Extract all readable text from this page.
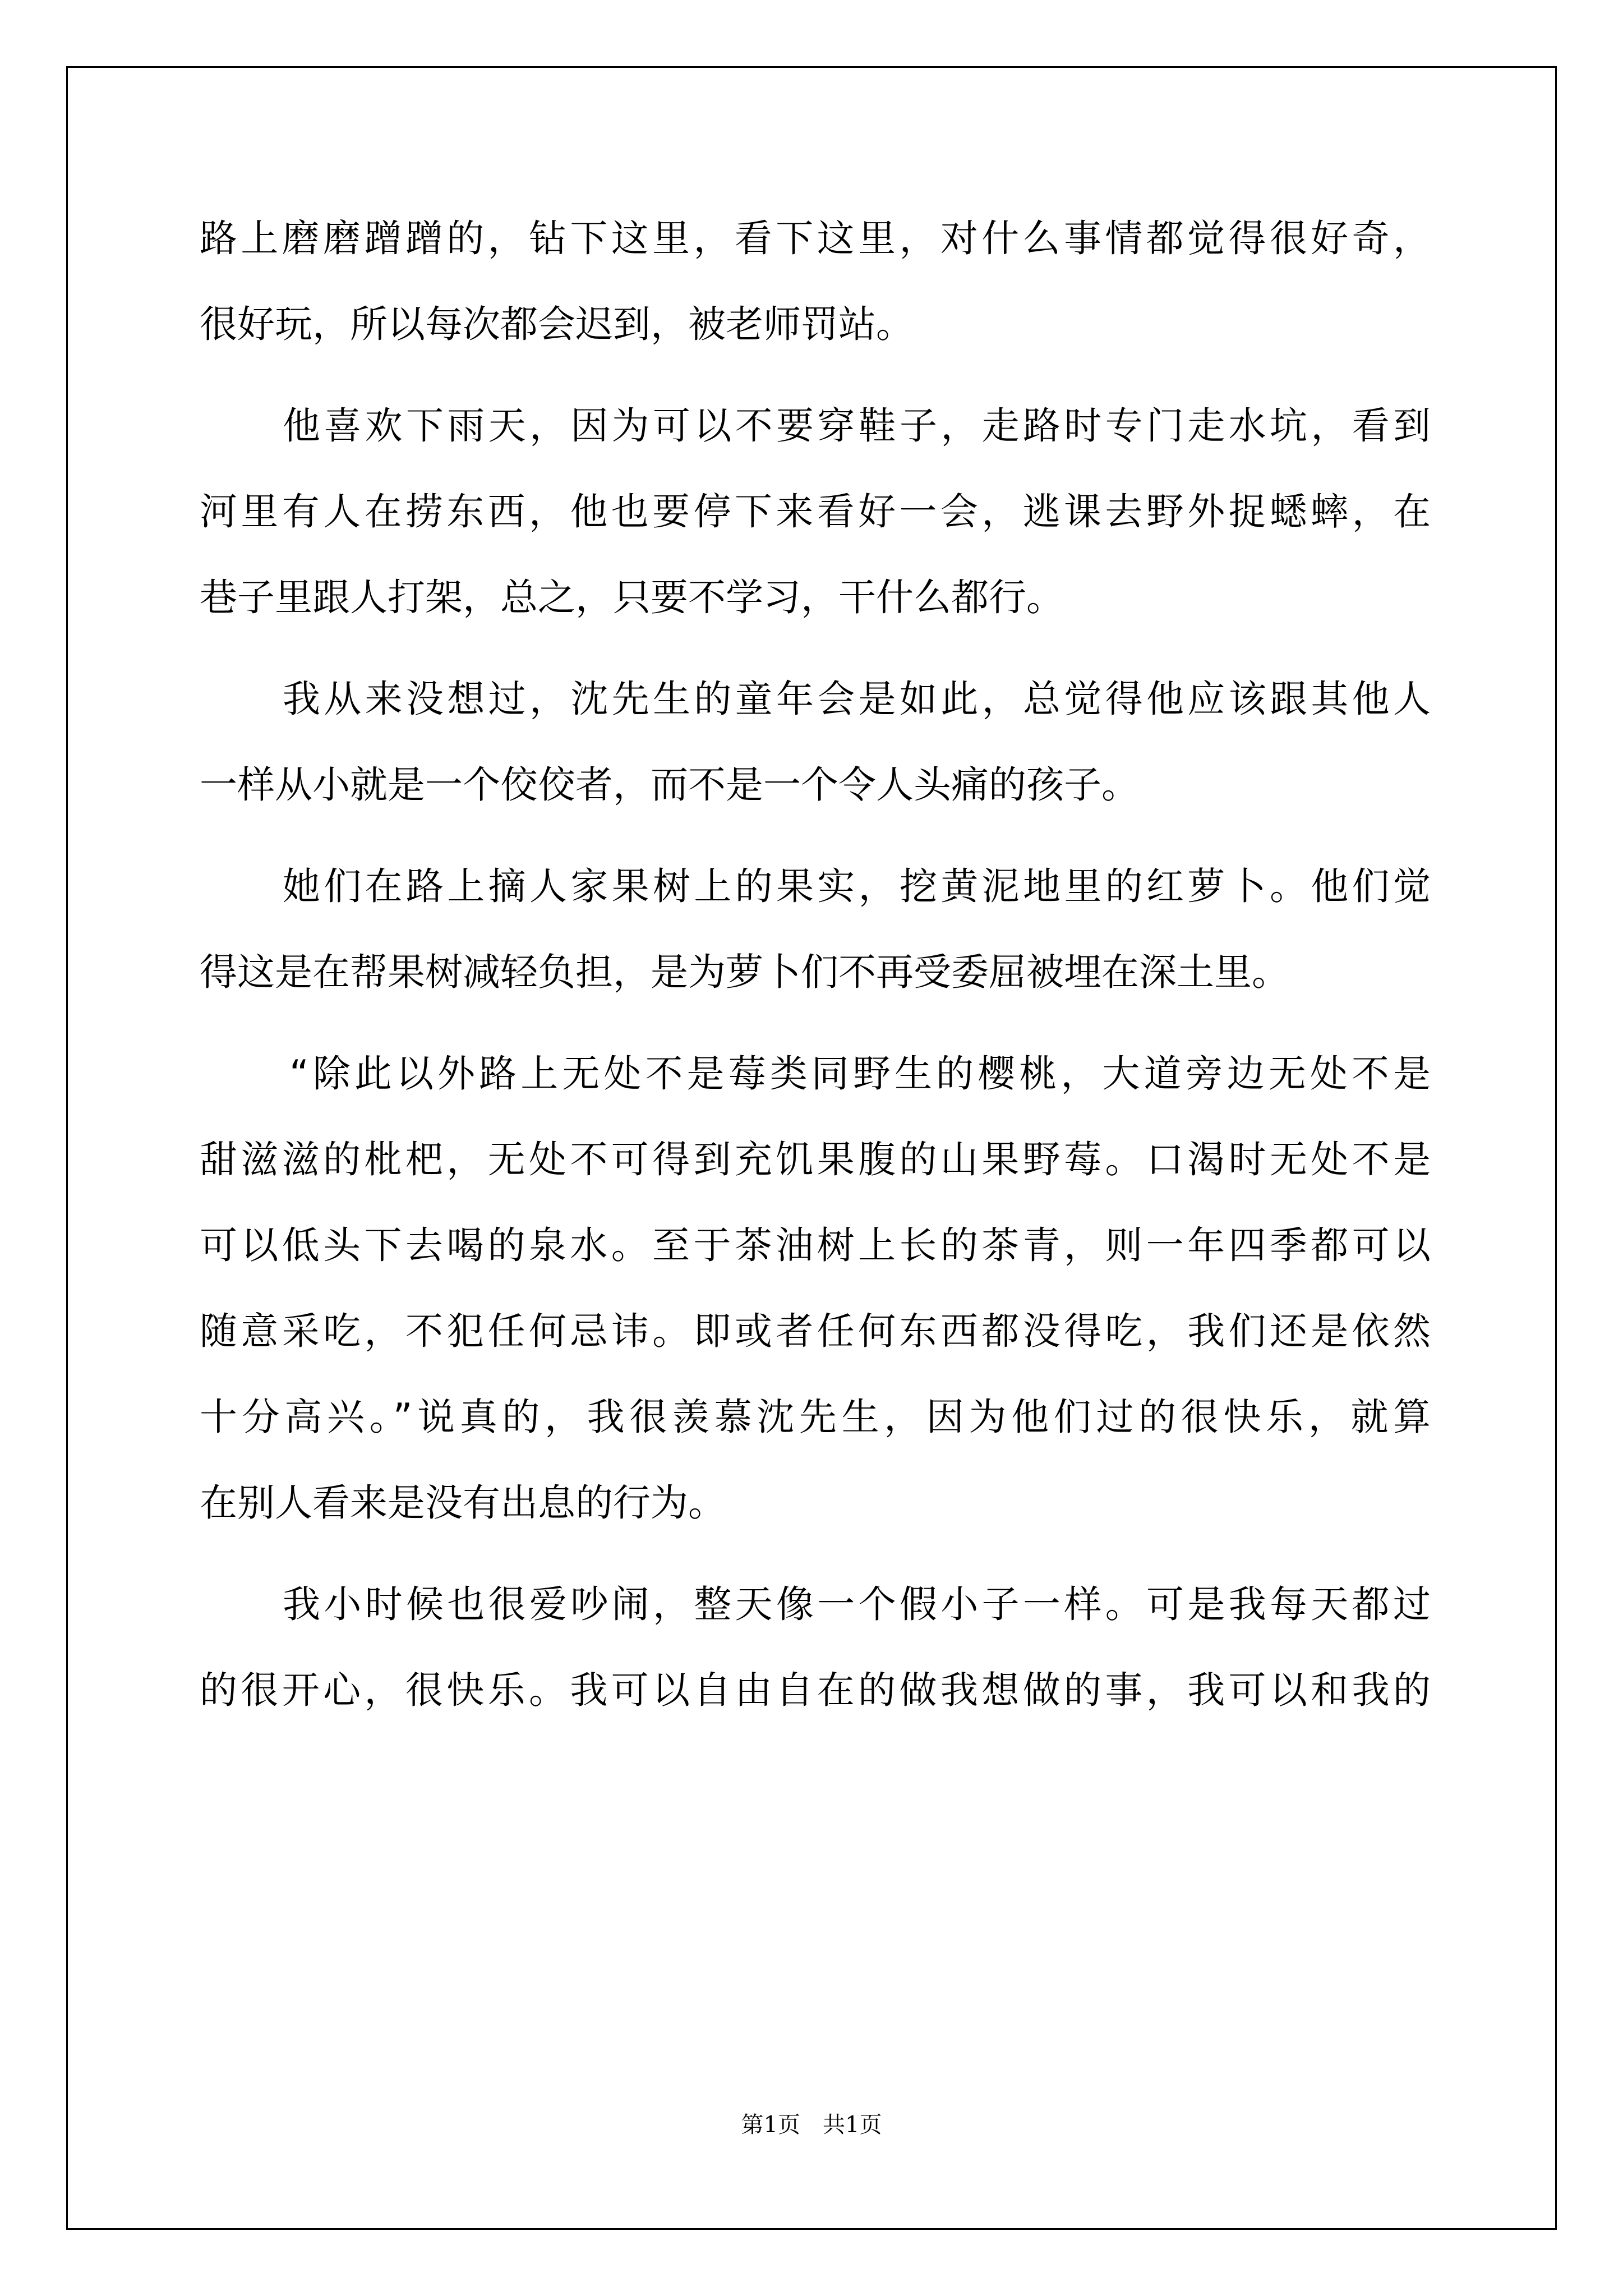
路上磨磨蹭蹭的，钻下这里，看下这里，对什么事情都觉得很好奇，
很好玩，所以每次都会迟到，被老师罚站。
他喜欢下雨天，因为可以不要穿鞋子，走路时专门走水坑，看到
河里有人在捞东西，他也要停下来看好一会，逃课去野外捉蟋蟀，在
巷子里跟人打架，总之，只要不学习，干什么都行。
我从来没想过，沈先生的童年会是如此，总觉得他应该跟其他人
一样从小就是一个佼佼者，而不是一个令人头痛的孩子。
她们在路上摘人家果树上的果实，挖黄泥地里的红萝卜。他们觉
得这是在帮果树减轻负担，是为萝卜们不再受委屈被埋在深土里。
“除此以外路上无处不是莓类同野生的樱桃，大道旁边无处不是
甜滋滋的枇杷，无处不可得到充饥果腹的山果野莓。口渴时无处不是
可以低头下去喝的泉水。至于茶油树上长的茶青，则一年四季都可以
随意采吃，不犯任何忌讳。即或者任何东西都没得吃，我们还是依然
十分高兴。”说真的，我很羡慕沈先生，因为他们过的很快乐，就算
在别人看来是没有出息的行为。
我小时候也很爱吵闹，整天像一个假小子一样。可是我每天都过
的很开心，很快乐。我可以自由自在的做我想做的事，我可以和我的
第1页 共1页
